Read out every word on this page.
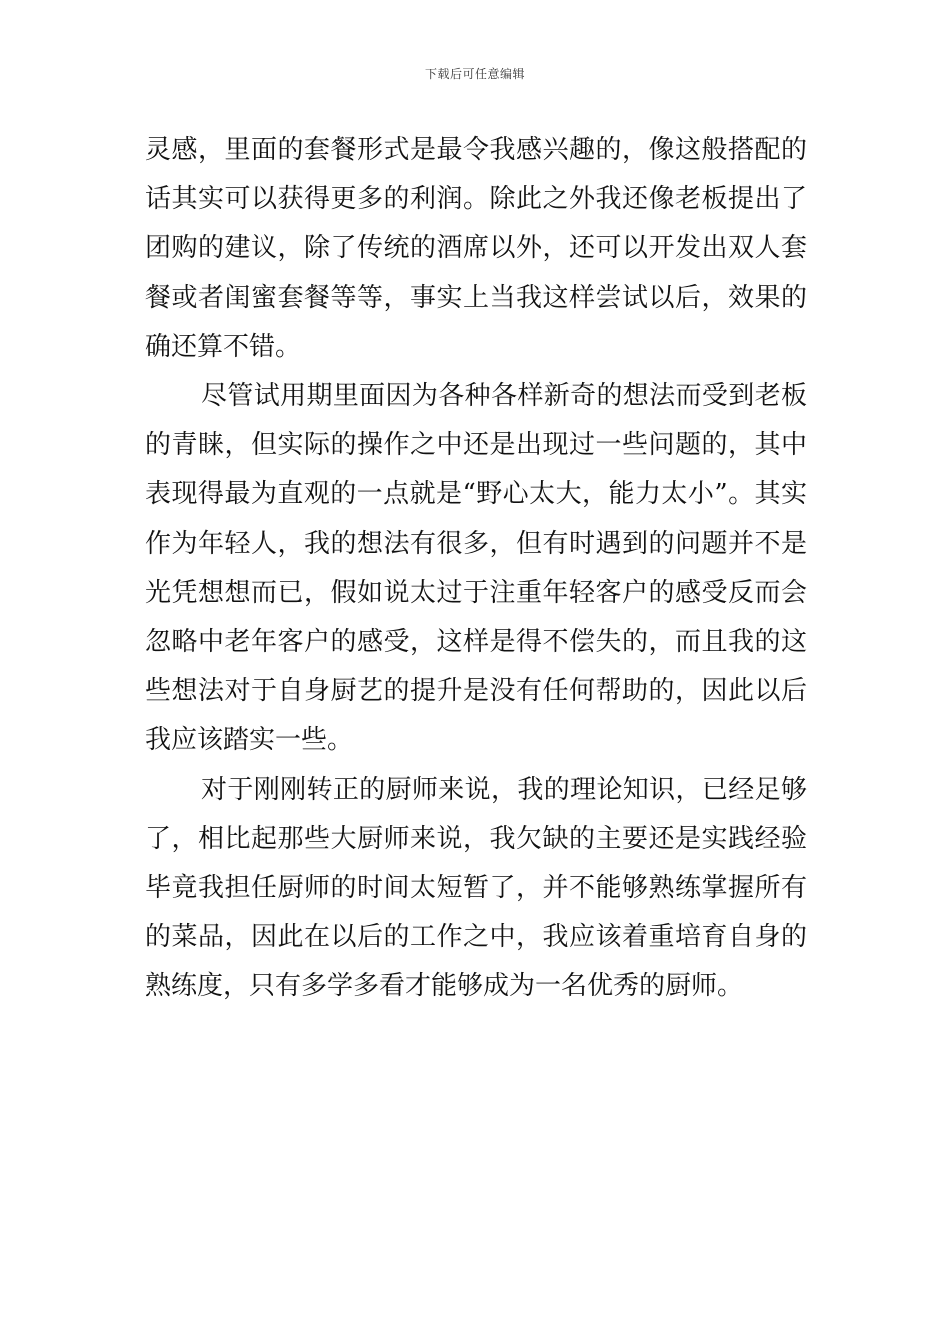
下载后可任意编辑

灵感，里面的套餐形式是最令我感兴趣的，像这般搭配的话其实可以获得更多的利润。除此之外我还像老板提出了团购的建议，除了传统的酒席以外，还可以开发出双人套餐或者闺蜜套餐等等，事实上当我这样尝试以后，效果的确还算不错。

尽管试用期里面因为各种各样新奇的想法而受到老板的青睐，但实际的操作之中还是出现过一些问题的，其中表现得最为直观的一点就是“野心太大，能力太小”。其实作为年轻人，我的想法有很多，但有时遇到的问题并不是光凭想想而已，假如说太过于注重年轻客户的感受反而会忽略中老年客户的感受，这样是得不偿失的，而且我的这些想法对于自身厨艺的提升是没有任何帮助的，因此以后我应该踏实一些。

对于刚刚转正的厨师来说，我的理论知识，已经足够了，相比起那些大厨师来说，我欠缺的主要还是实践经验毕竟我担任厨师的时间太短暂了，并不能够熟练掌握所有的菜品，因此在以后的工作之中，我应该着重培育自身的熟练度，只有多学多看才能够成为一名优秀的厨师。
